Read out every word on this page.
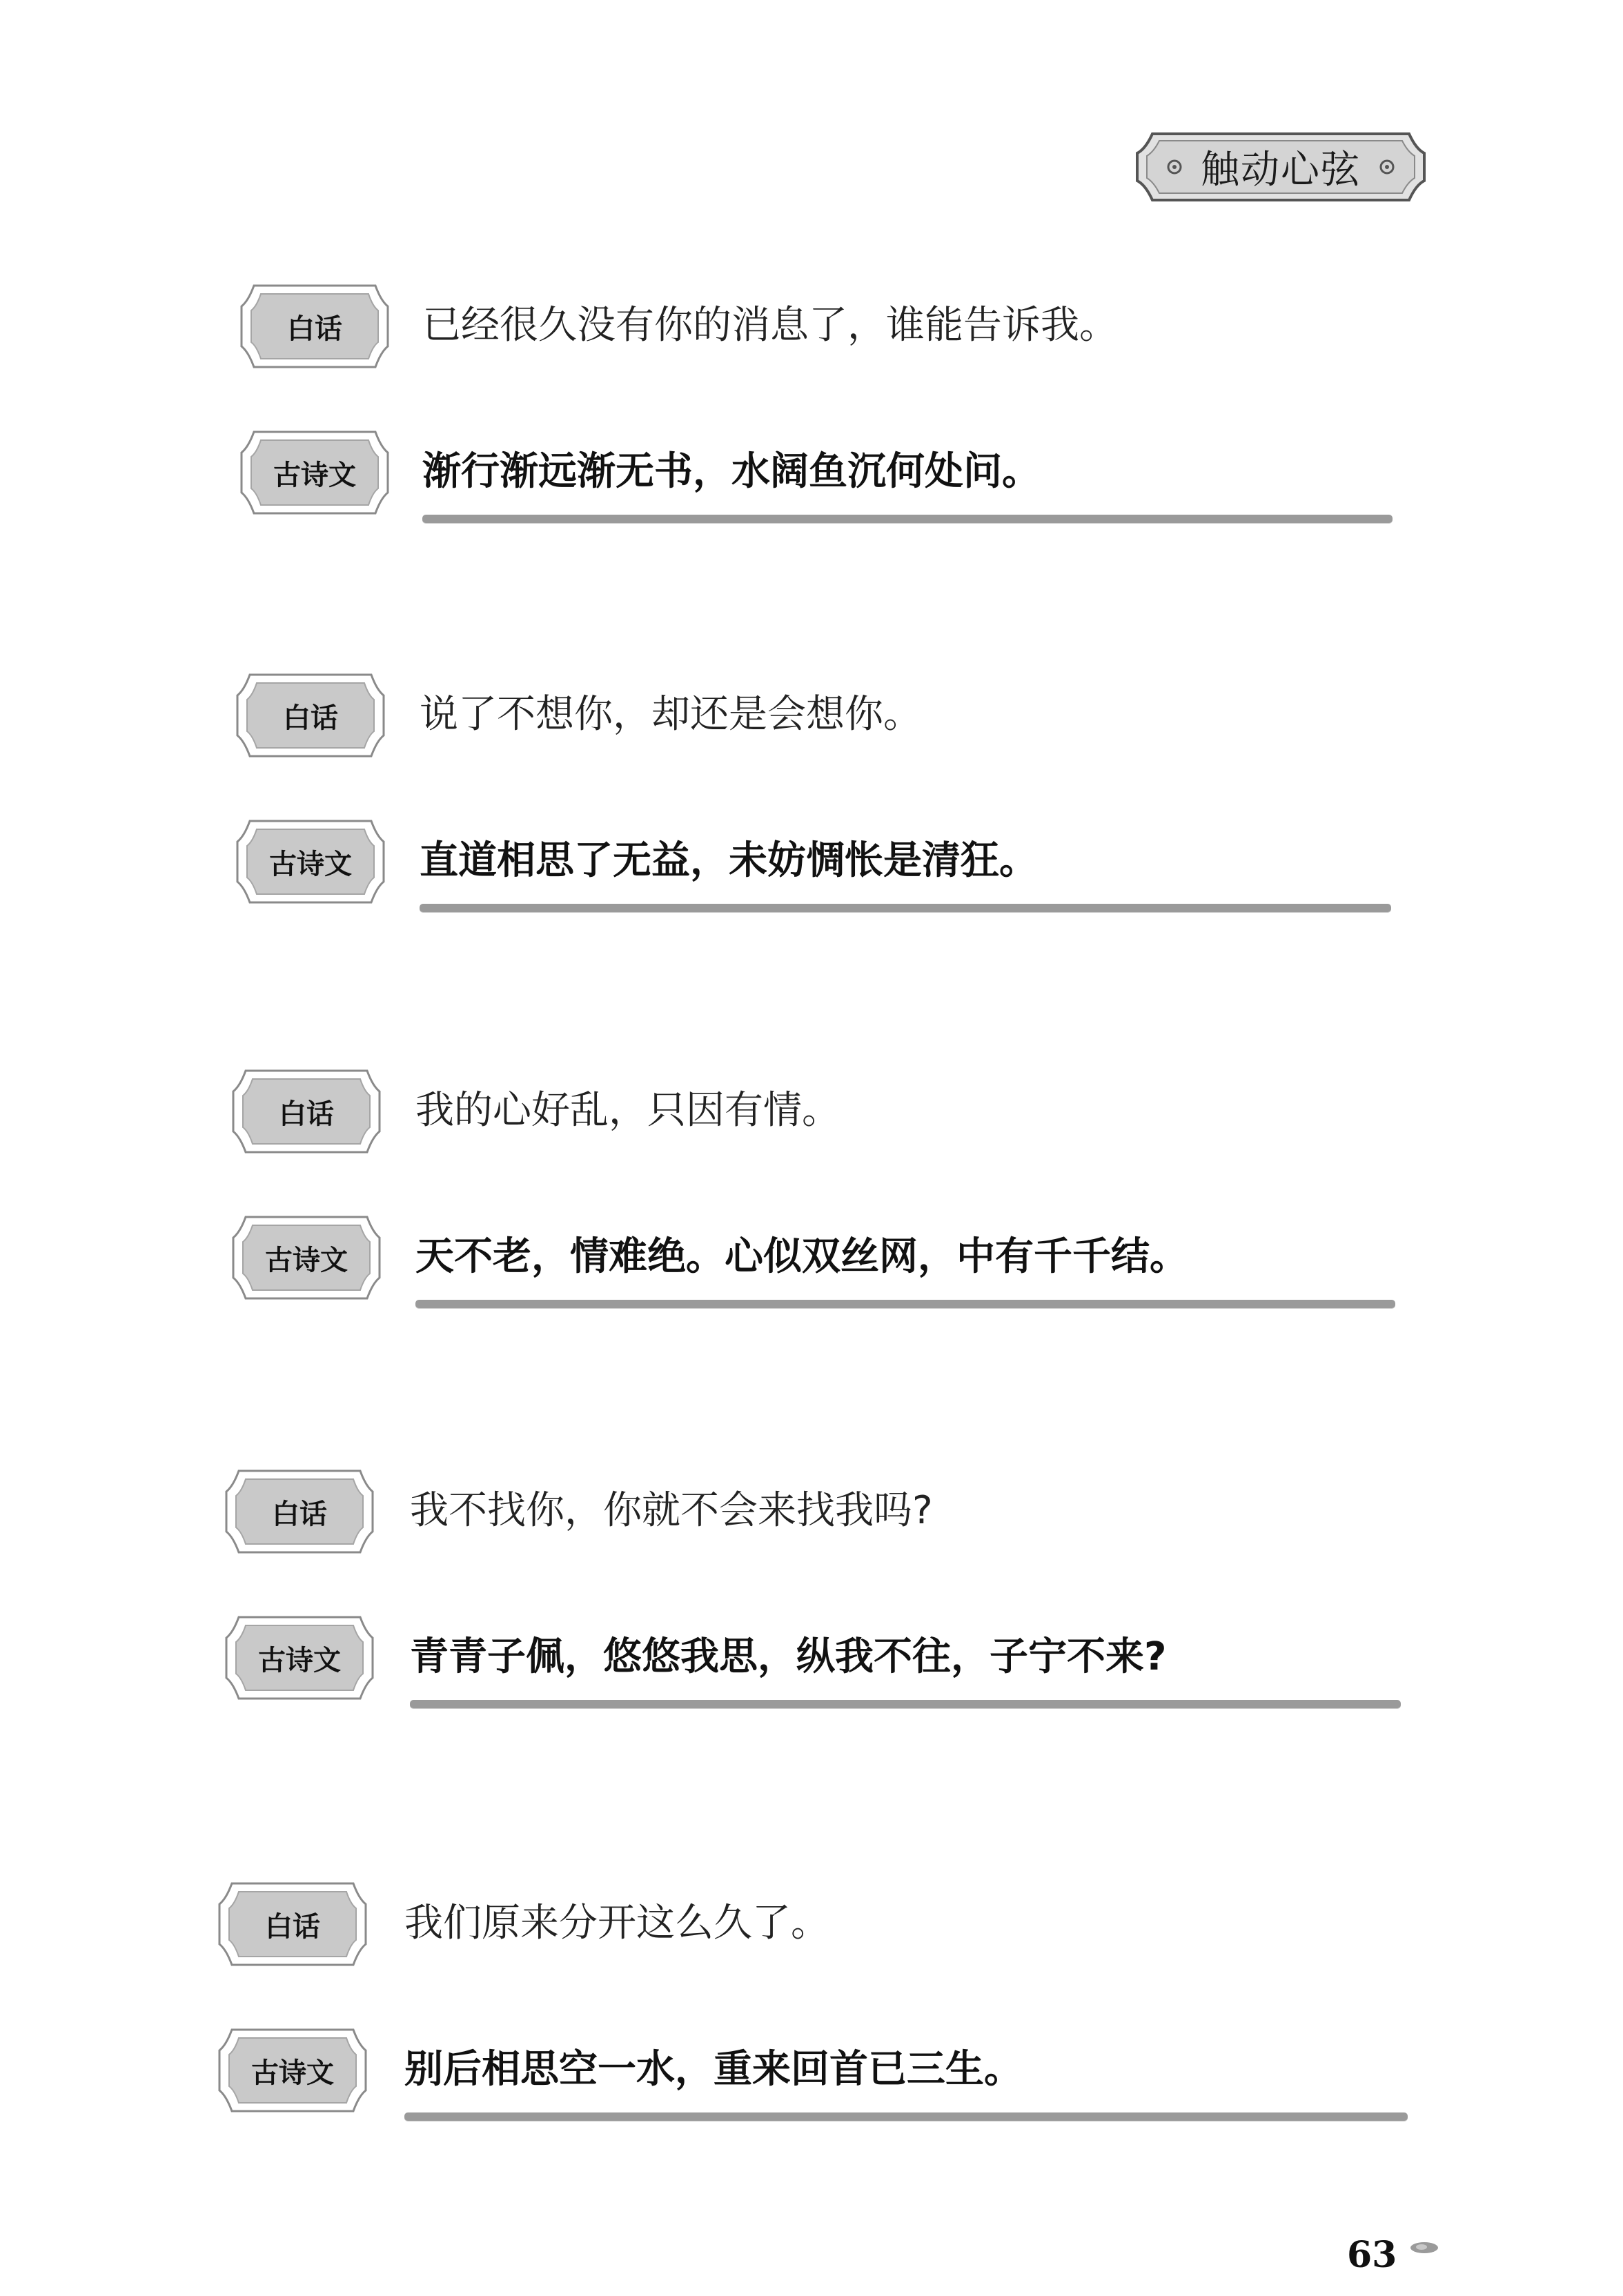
触动心弦
白话	已经很久没有你的消息了，谁能告诉我。
古诗文	渐行渐远渐无书，水阔鱼沉何处问。
白话	说了不想你，却还是会想你。
古诗文	直道相思了无益，未妨惆怅是清狂。
白话	我的心好乱，只因有情。
古诗文	天不老，情难绝。心似双丝网，中有千千结。
白话	我不找你，你就不会来找我吗?
古诗文	青青子佩，悠悠我思，纵我不往，子宁不来?
白话	我们原来分开这么久了。
古诗文	别后相思空一水，重来回首已三生。
63
